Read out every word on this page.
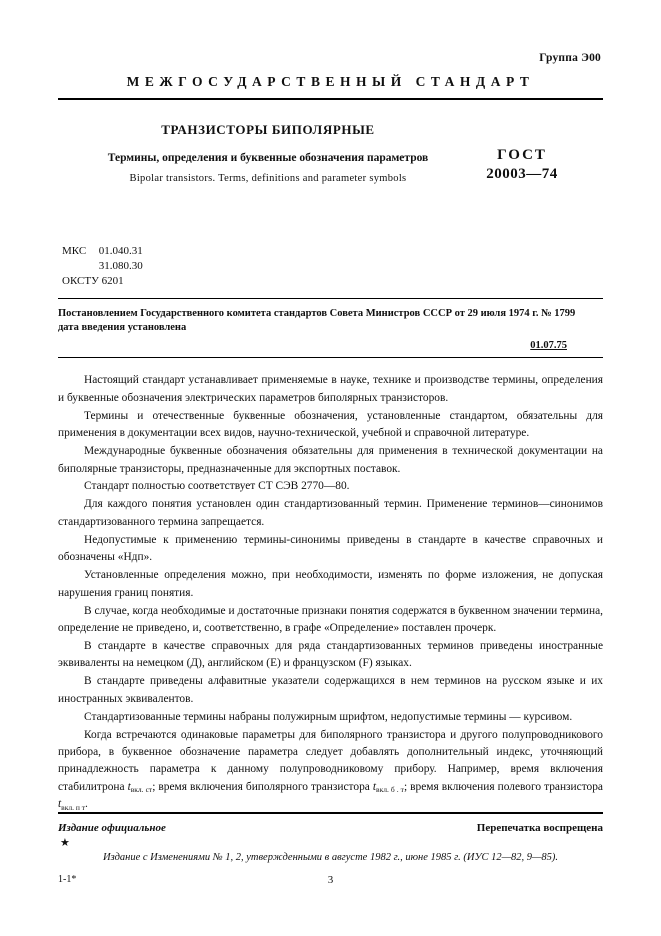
Группа Э00
МЕЖГОСУДАРСТВЕННЫЙ СТАНДАРТ
ТРАНЗИСТОРЫ БИПОЛЯРНЫЕ
Термины, определения и буквенные обозначения параметров
Bipolar transistors. Terms, definitions and parameter symbols
ГОСТ
20003—74
МКС 01.040.31
31.080.30
ОКСТУ 6201
Постановлением Государственного комитета стандартов Совета Министров СССР от 29 июля 1974 г. № 1799
дата введения установлена
01.07.75

Настоящий стандарт устанавливает применяемые в науке, технике и производстве термины, определения и буквенные обозначения электрических параметров биполярных транзисторов.

Термины и отечественные буквенные обозначения, установленные стандартом, обязательны для применения в документации всех видов, научно-технической, учебной и справочной литературе.

Международные буквенные обозначения обязательны для применения в технической документации на биполярные транзисторы, предназначенные для экспортных поставок.

Стандарт полностью соответствует СТ СЭВ 2770—80.

Для каждого понятия установлен один стандартизованный термин. Применение терминов—синонимов стандартизованного термина запрещается.

Недопустимые к применению термины-синонимы приведены в стандарте в качестве справочных и обозначены «Ндп».

Установленные определения можно, при необходимости, изменять по форме изложения, не допуская нарушения границ понятия.

В случае, когда необходимые и достаточные признаки понятия содержатся в буквенном значении термина, определение не приведено, и, соответственно, в графе «Определение» поставлен прочерк.

В стандарте в качестве справочных для ряда стандартизованных терминов приведены иностранные эквиваленты на немецком (Д), английском (Е) и французском (F) языках.

В стандарте приведены алфавитные указатели содержащихся в нем терминов на русском языке и их иностранных эквивалентов.

Стандартизованные термины набраны полужирным шрифтом, недопустимые термины — курсивом.

Когда встречаются одинаковые параметры для биполярного транзистора и другого полупроводникового прибора, в буквенное обозначение параметра следует добавлять дополнительный индекс, уточняющий принадлежность параметра к данному полупроводниковому прибору. Например, время включения стабилитрона $t_{вкл. ст}$; время включения биполярного транзистора $t_{вкл. б . т}$; время включения полевого транзистора $t_{вкл. п т}$.

Издание официальное	Перепечатка воспрещена
★
Издание с Изменениями № 1, 2, утвержденными в августе 1982 г., июне 1985 г. (ИУС 12—82, 9—85).
1-1*	3
